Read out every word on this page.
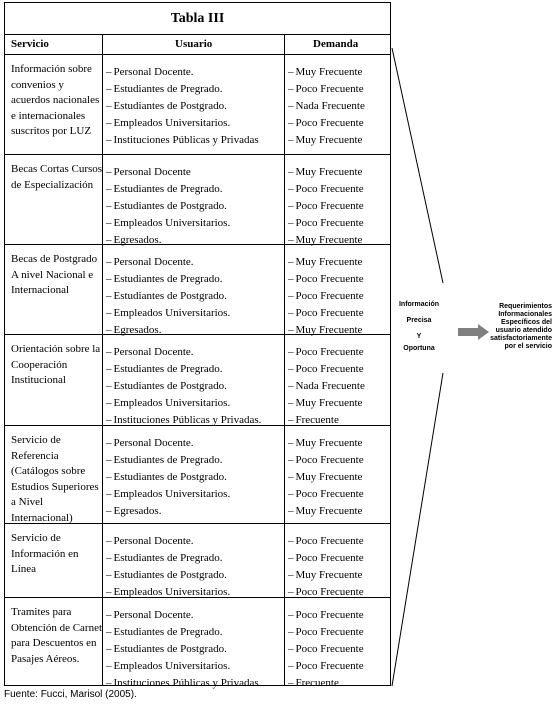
Tabla III
Servicio	Usuario	Demanda
Información sobre convenios y acuerdos nacionales e internacionales suscritos por LUZ
– Personal Docente.
– Estudiantes de Pregrado.
– Estudiantes de Postgrado.
– Empleados Universitarios.
– Instituciones Públicas y Privadas
– Muy Frecuente
– Poco Frecuente
– Nada Frecuente
– Poco Frecuente
– Muy Frecuente
Becas Cortas Cursos de Especialización
– Personal Docente
– Estudiantes de Pregrado.
– Estudiantes de Postgrado.
– Empleados Universitarios.
– Egresados.
– Muy Frecuente
– Poco Frecuente
– Poco Frecuente
– Poco Frecuente
– Muy Frecuente
Becas de Postgrado A nivel Nacional e Internacional
– Personal Docente.
– Estudiantes de Pregrado.
– Estudiantes de Postgrado.
– Empleados Universitarios.
– Egresados.
– Muy Frecuente
– Poco Frecuente
– Poco Frecuente
– Poco Frecuente
– Muy Frecuente
Orientación sobre la Cooperación Institucional
– Personal Docente.
– Estudiantes de Pregrado.
– Estudiantes de Postgrado.
– Empleados Universitarios.
– Instituciones Públicas y Privadas.
– Poco Frecuente
– Poco Frecuente
– Nada Frecuente
– Muy Frecuente
– Frecuente
Servicio de Referencia (Catálogos sobre Estudios Superiores a Nivel Internacional)
– Personal Docente.
– Estudiantes de Pregrado.
– Estudiantes de Postgrado.
– Empleados Universitarios.
– Egresados.
– Muy Frecuente
– Poco Frecuente
– Muy Frecuente
– Poco Frecuente
– Muy Frecuente
Servicio de Información en Línea
– Personal Docente.
– Estudiantes de Pregrado.
– Estudiantes de Postgrado.
– Empleados Universitarios.
– Poco Frecuente
– Poco Frecuente
– Muy Frecuente
– Poco Frecuente
Tramites para Obtención de Carnet para Descuentos en Pasajes Aéreos.
– Personal Docente.
– Estudiantes de Pregrado.
– Estudiantes de Postgrado.
– Empleados Universitarios.
– Instituciones Públicas y Privadas.
– Poco Frecuente
– Poco Frecuente
– Poco Frecuente
– Poco Frecuente
– Frecuente
Información
Precisa
Y
Oportuna
Requerimientos Informacionales Específicos del usuario atendido satisfactoriamente por el servicio
Fuente: Fucci, Marisol (2005).
